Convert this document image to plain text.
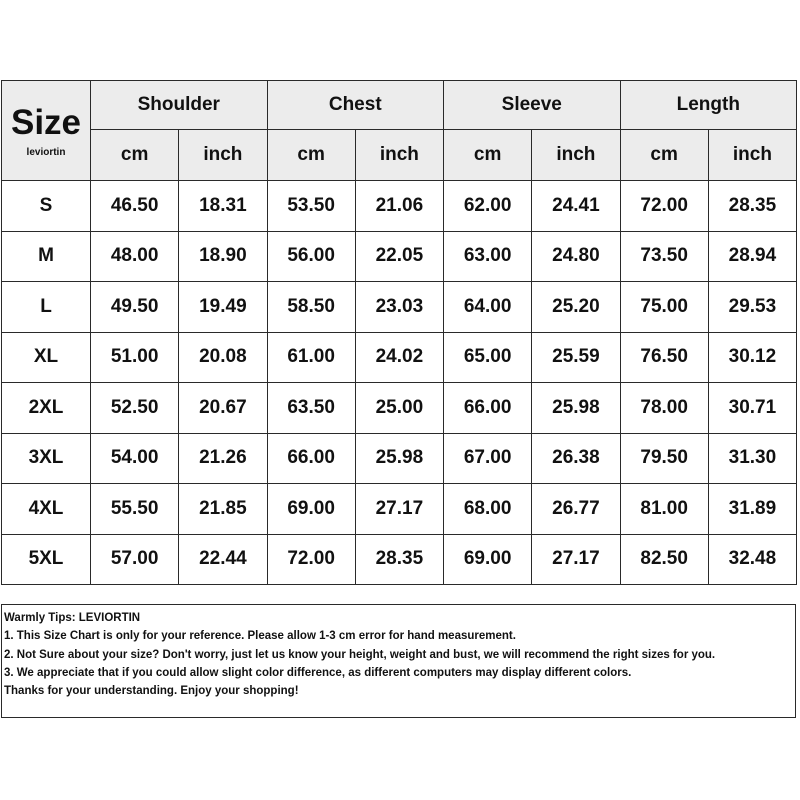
Size
leviortin	Shoulder		Chest		Sleeve		Length	
	cm	inch	cm	inch	cm	inch	cm	inch
S	46.50	18.31	53.50	21.06	62.00	24.41	72.00	28.35
M	48.00	18.90	56.00	22.05	63.00	24.80	73.50	28.94
L	49.50	19.49	58.50	23.03	64.00	25.20	75.00	29.53
XL	51.00	20.08	61.00	24.02	65.00	25.59	76.50	30.12
2XL	52.50	20.67	63.50	25.00	66.00	25.98	78.00	30.71
3XL	54.00	21.26	66.00	25.98	67.00	26.38	79.50	31.30
4XL	55.50	21.85	69.00	27.17	68.00	26.77	81.00	31.89
5XL	57.00	22.44	72.00	28.35	69.00	27.17	82.50	32.48

Warmly Tips: LEVIORTIN

1. This Size Chart is only for your reference. Please allow 1-3 cm error for hand measurement.

2. Not Sure about your size? Don't worry, just let us know your height, weight and bust, we will recommend the right sizes for you.

3. We appreciate that if you could allow slight color difference, as different computers may display different colors.

Thanks for your understanding. Enjoy your shopping!
